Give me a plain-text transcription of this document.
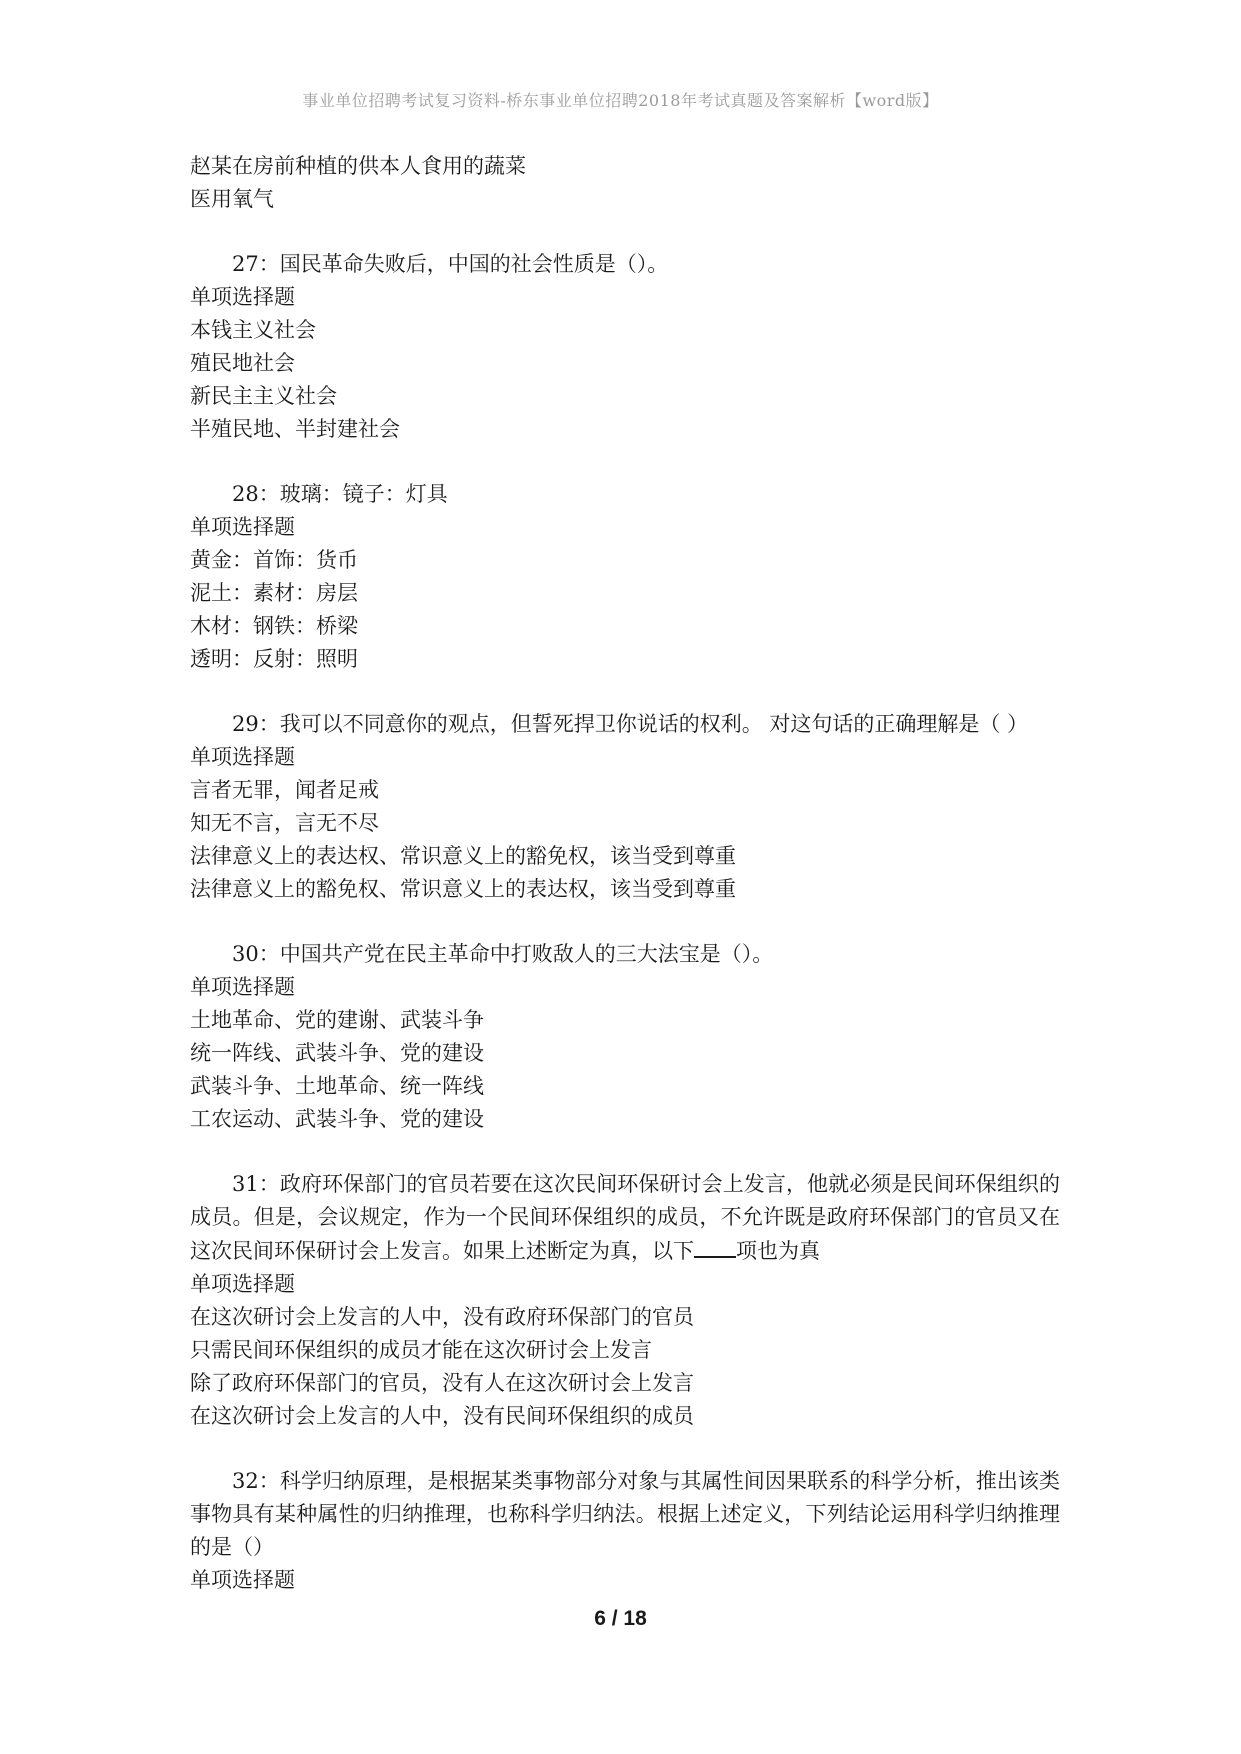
事业单位招聘考试复习资料-桥东事业单位招聘2018年考试真题及答案解析【word版】
赵某在房前种植的供本人食用的蔬菜
医用氧气
27：国民革命失败后，中国的社会性质是（）。
单项选择题
本钱主义社会
殖民地社会
新民主主义社会
半殖民地、半封建社会
28：玻璃：镜子：灯具
单项选择题
黄金：首饰：货币
泥土：素材：房层
木材：钢铁：桥梁
透明：反射：照明
29：我可以不同意你的观点，但誓死捍卫你说话的权利。 对这句话的正确理解是（ ）
单项选择题
言者无罪，闻者足戒
知无不言，言无不尽
法律意义上的表达权、常识意义上的豁免权，该当受到尊重
法律意义上的豁免权、常识意义上的表达权，该当受到尊重
30：中国共产党在民主革命中打败敌人的三大法宝是（）。
单项选择题
土地革命、党的建谢、武装斗争
统一阵线、武装斗争、党的建设
武装斗争、土地革命、统一阵线
工农运动、武装斗争、党的建设
31：政府环保部门的官员若要在这次民间环保研讨会上发言，他就必须是民间环保组织的成员。但是，会议规定，作为一个民间环保组织的成员，不允许既是政府环保部门的官员又在这次民间环保研讨会上发言。如果上述断定为真，以下 项也为真
单项选择题
在这次研讨会上发言的人中，没有政府环保部门的官员
只需民间环保组织的成员才能在这次研讨会上发言
除了政府环保部门的官员，没有人在这次研讨会上发言
在这次研讨会上发言的人中，没有民间环保组织的成员
32：科学归纳原理，是根据某类事物部分对象与其属性间因果联系的科学分析，推出该类事物具有某种属性的归纳推理，也称科学归纳法。根据上述定义，下列结论运用科学归纳推理的是（）
单项选择题
6 / 18
